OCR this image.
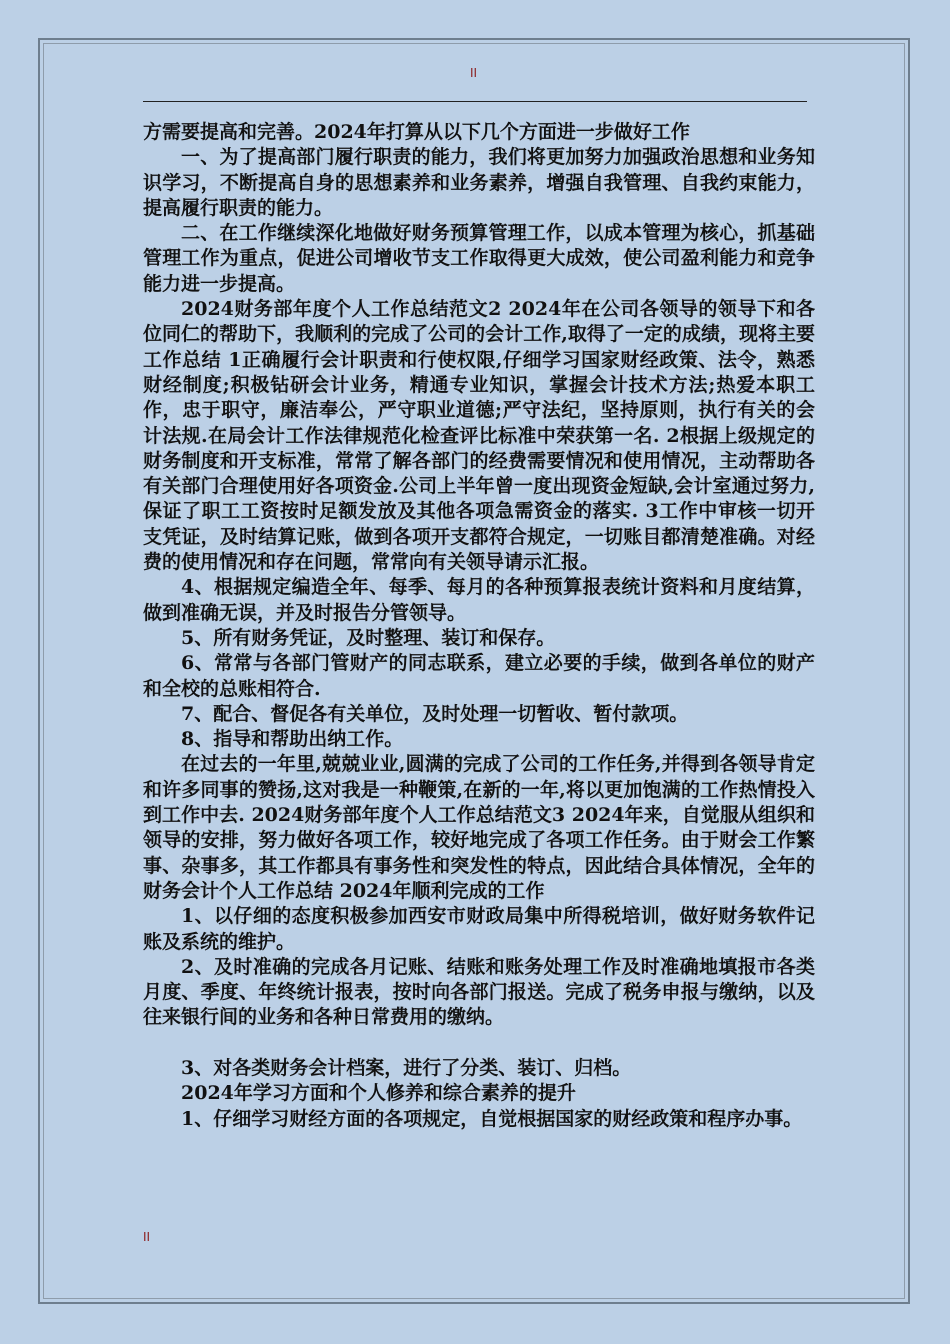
II

方需要提高和完善。2024年打算从以下几个方面进一步做好工作

一、为了提高部门履行职责的能力，我们将更加努力加强政治思想和业务知识学习，不断提高自身的思想素养和业务素养，增强自我管理、自我约束能力，提高履行职责的能力。

二、在工作继续深化地做好财务预算管理工作，以成本管理为核心，抓基础管理工作为重点，促进公司增收节支工作取得更大成效，使公司盈利能力和竞争能力进一步提高。

2024财务部年度个人工作总结范文2 2024年在公司各领导的领导下和各位同仁的帮助下，我顺利的完成了公司的会计工作,取得了一定的成绩，现将主要工作总结 1正确履行会计职责和行使权限,仔细学习国家财经政策、法令，熟悉财经制度;积极钻研会计业务，精通专业知识，掌握会计技术方法;热爱本职工作，忠于职守，廉洁奉公，严守职业道德;严守法纪，坚持原则，执行有关的会计法规.在局会计工作法律规范化检查评比标准中荣获第一名. 2根据上级规定的财务制度和开支标准，常常了解各部门的经费需要情况和使用情况，主动帮助各有关部门合理使用好各项资金.公司上半年曾一度出现资金短缺,会计室通过努力,保证了职工工资按时足额发放及其他各项急需资金的落实. 3工作中审核一切开支凭证，及时结算记账，做到各项开支都符合规定，一切账目都清楚准确。对经费的使用情况和存在问题，常常向有关领导请示汇报。

4、根据规定编造全年、每季、每月的各种预算报表统计资料和月度结算，做到准确无误，并及时报告分管领导。

5、所有财务凭证，及时整理、装订和保存。

6、常常与各部门管财产的同志联系，建立必要的手续，做到各单位的财产和全校的总账相符合.

7、配合、督促各有关单位，及时处理一切暂收、暂付款项。

8、指导和帮助出纳工作。

在过去的一年里,兢兢业业,圆满的完成了公司的工作任务,并得到各领导肯定和许多同事的赞扬,这对我是一种鞭策,在新的一年,将以更加饱满的工作热情投入到工作中去. 2024财务部年度个人工作总结范文3 2024年来，自觉服从组织和领导的安排，努力做好各项工作，较好地完成了各项工作任务。由于财会工作繁事、杂事多，其工作都具有事务性和突发性的特点，因此结合具体情况，全年的财务会计个人工作总结 2024年顺利完成的工作

1、以仔细的态度积极参加西安市财政局集中所得税培训，做好财务软件记账及系统的维护。

2、及时准确的完成各月记账、结账和账务处理工作及时准确地填报市各类月度、季度、年终统计报表，按时向各部门报送。完成了税务申报与缴纳，以及往来银行间的业务和各种日常费用的缴纳。

3、对各类财务会计档案，进行了分类、装订、归档。

2024年学习方面和个人修养和综合素养的提升

1、仔细学习财经方面的各项规定，自觉根据国家的财经政策和程序办事。

II
